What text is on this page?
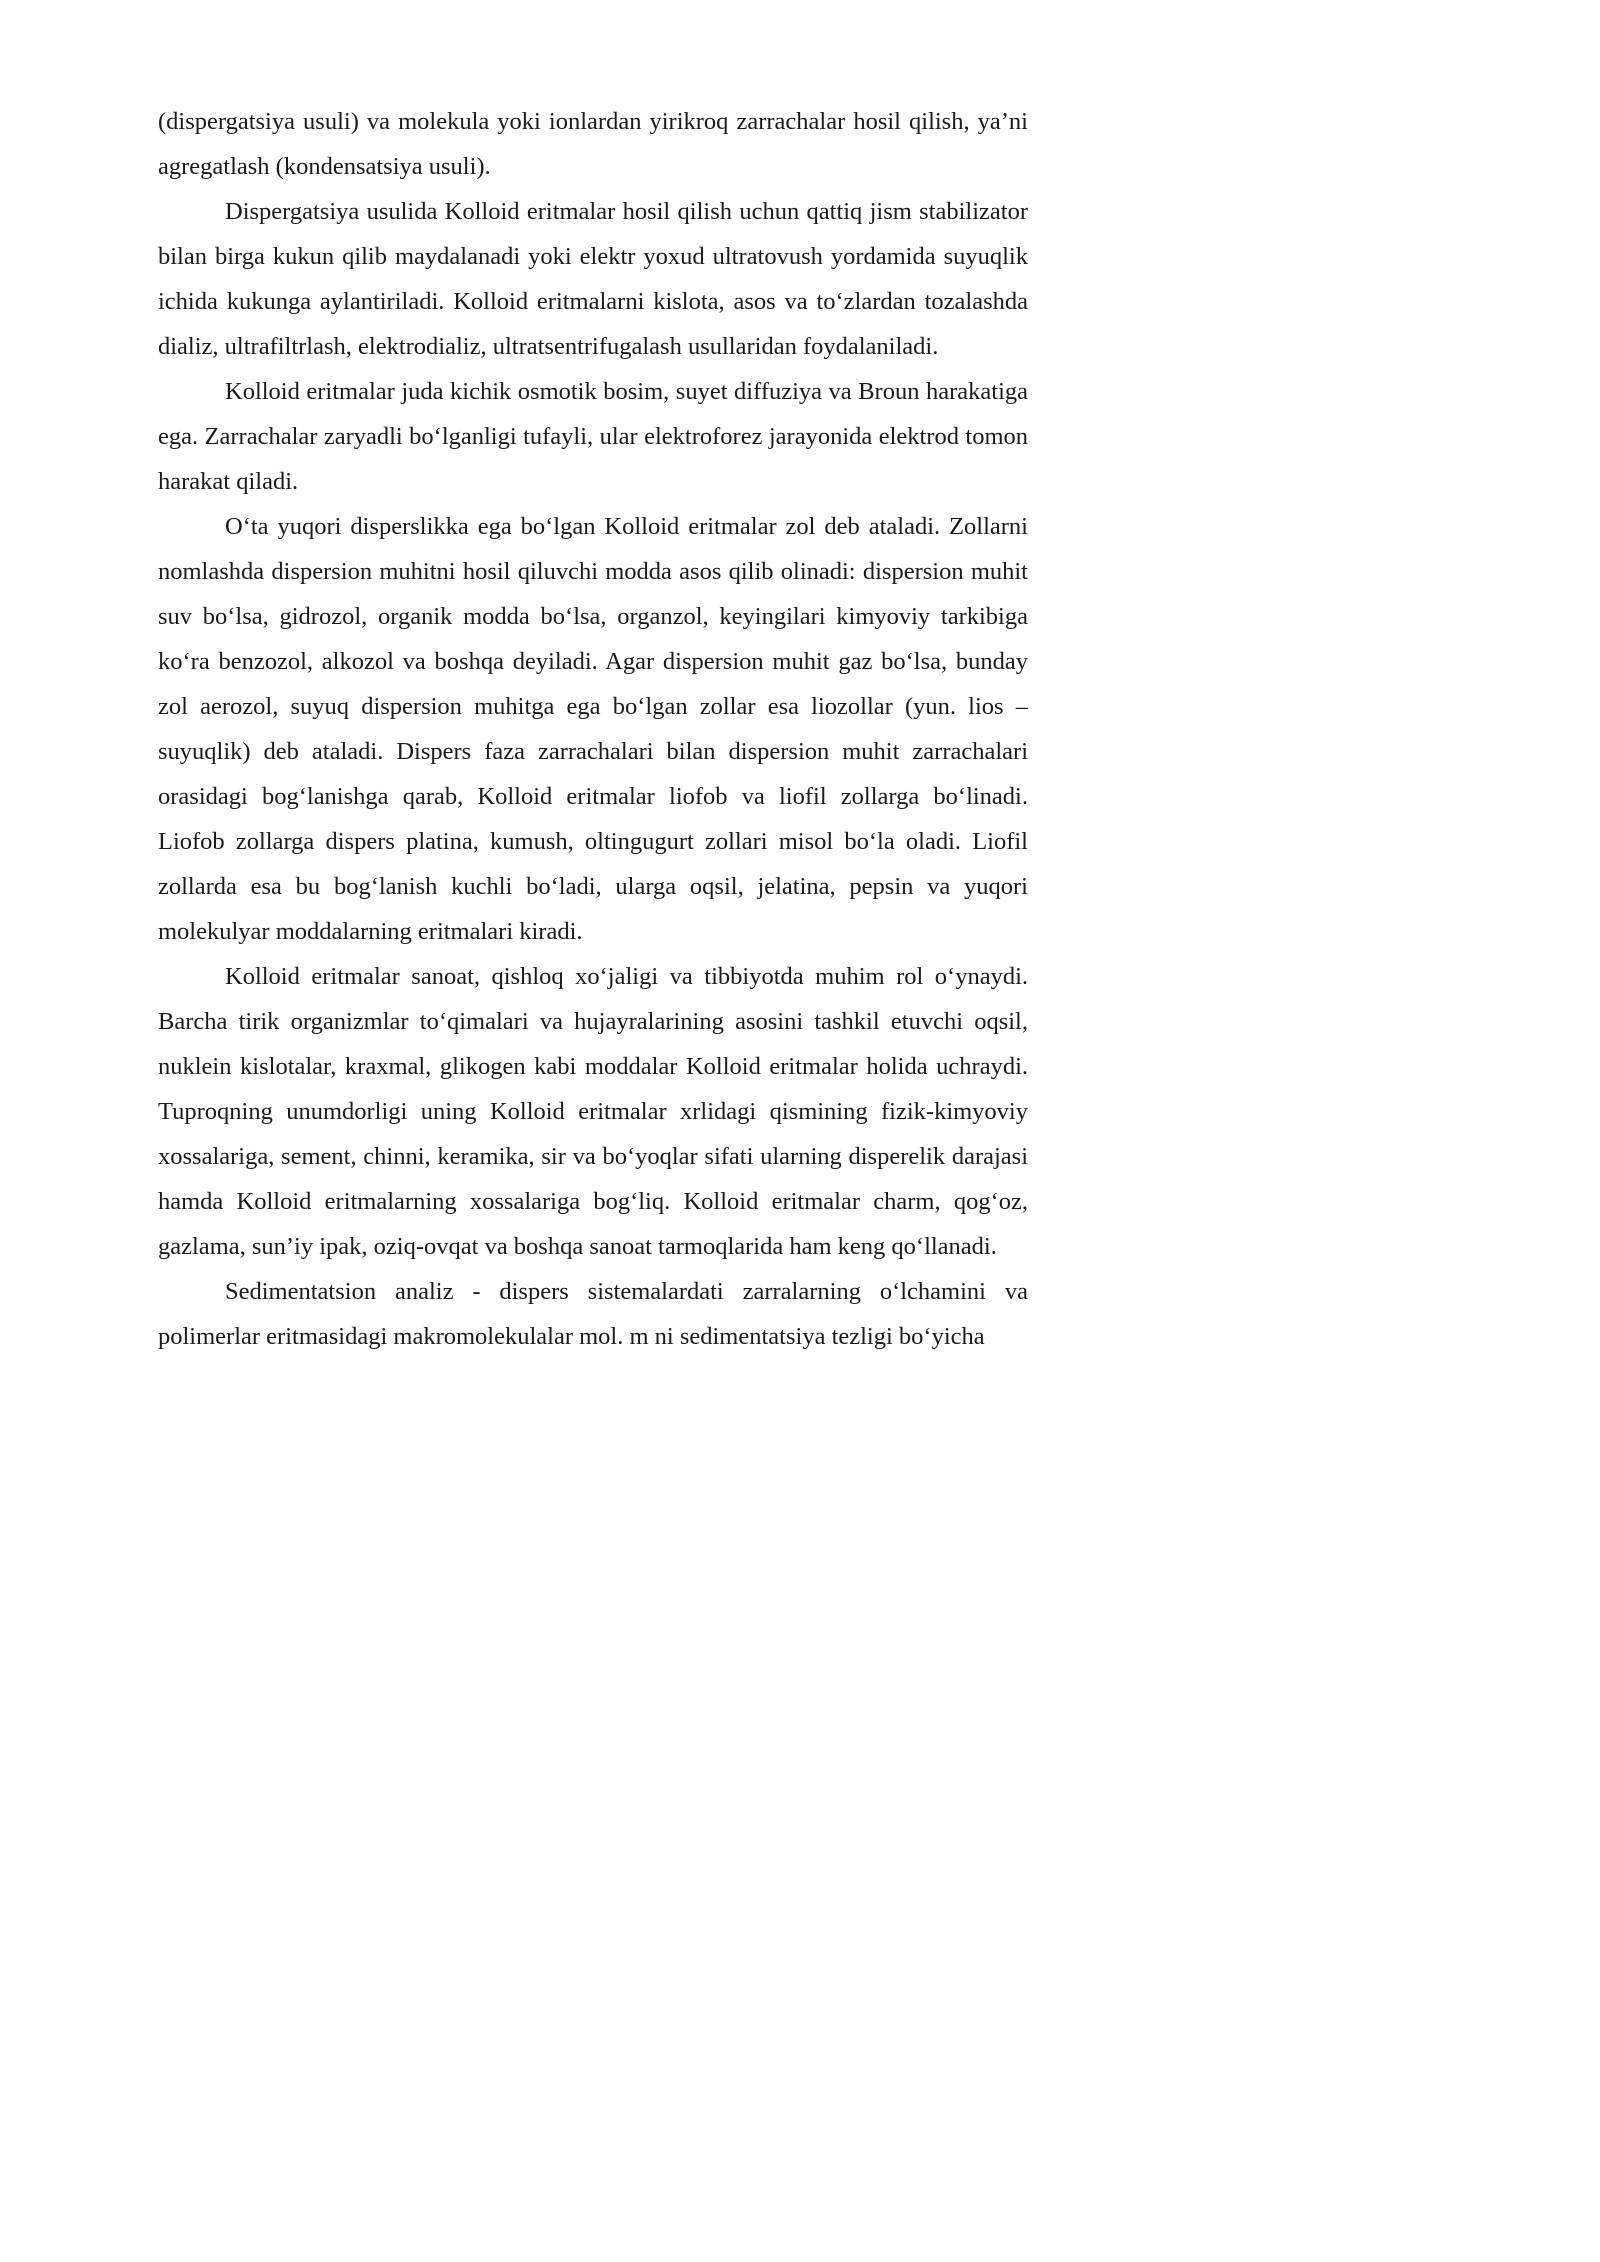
(dispergatsiya usuli) va molekula yoki ionlardan yirikroq zarrachalar hosil qilish, ya’ni agregatlash (kondensatsiya usuli).

Dispergatsiya usulida Kolloid eritmalar hosil qilish uchun qattiq jism stabilizator bilan birga kukun qilib maydalanadi yoki elektr yoxud ultratovush yordamida suyuqlik ichida kukunga aylantiriladi. Kolloid eritmalarni kislota, asos va to‘zlardan tozalashda dializ, ultrafiltrlash, elektrodializ, ultratsentrifugalash usullaridan foydalaniladi.

Kolloid eritmalar juda kichik osmotik bosim, suyet diffuziya va Broun harakatiga ega. Zarrachalar zaryadli bo‘lganligi tufayli, ular elektroforez jarayonida elektrod tomon harakat qiladi.

O‘ta yuqori disperslikka ega bo‘lgan Kolloid eritmalar zol deb ataladi. Zollarni nomlashda dispersion muhitni hosil qiluvchi modda asos qilib olinadi: dispersion muhit suv bo‘lsa, gidrozol, organik modda bo‘lsa, organzol, keyingilari kimyoviy tarkibiga ko‘ra benzozol, alkozol va boshqa deyiladi. Agar dispersion muhit gaz bo‘lsa, bunday zol aerozol, suyuq dispersion muhitga ega bo‘lgan zollar esa liozollar (yun. lios – suyuqlik) deb ataladi. Dispers faza zarrachalari bilan dispersion muhit zarrachalari orasidagi bog‘lanishga qarab, Kolloid eritmalar liofob va liofil zollarga bo‘linadi. Liofob zollarga dispers platina, kumush, oltingugurt zollari misol bo‘la oladi. Liofil zollarda esa bu bog‘lanish kuchli bo‘ladi, ularga oqsil, jelatina, pepsin va yuqori molekulyar moddalarning eritmalari kiradi.

Kolloid eritmalar sanoat, qishloq xo‘jaligi va tibbiyotda muhim rol o‘ynaydi. Barcha tirik organizmlar to‘qimalari va hujayralarining asosini tashkil etuvchi oqsil, nuklein kislotalar, kraxmal, glikogen kabi moddalar Kolloid eritmalar holida uchraydi. Tuproqning unumdorligi uning Kolloid eritmalar xrlidagi qismining fizik-kimyoviy xossalariga, sement, chinni, keramika, sir va bo‘yoqlar sifati ularning disperelik darajasi hamda Kolloid eritmalarning xossalariga bog‘liq. Kolloid eritmalar charm, qog‘oz, gazlama, sun’iy ipak, oziq-ovqat va boshqa sanoat tarmoqlarida ham keng qo‘llanadi.

Sedimentatsion analiz - dispers sistemalardati zarralarning o‘lchamini va polimerlar eritmasidagi makromolekulalar mol. m ni sedimentatsiya tezligi bo‘yicha
